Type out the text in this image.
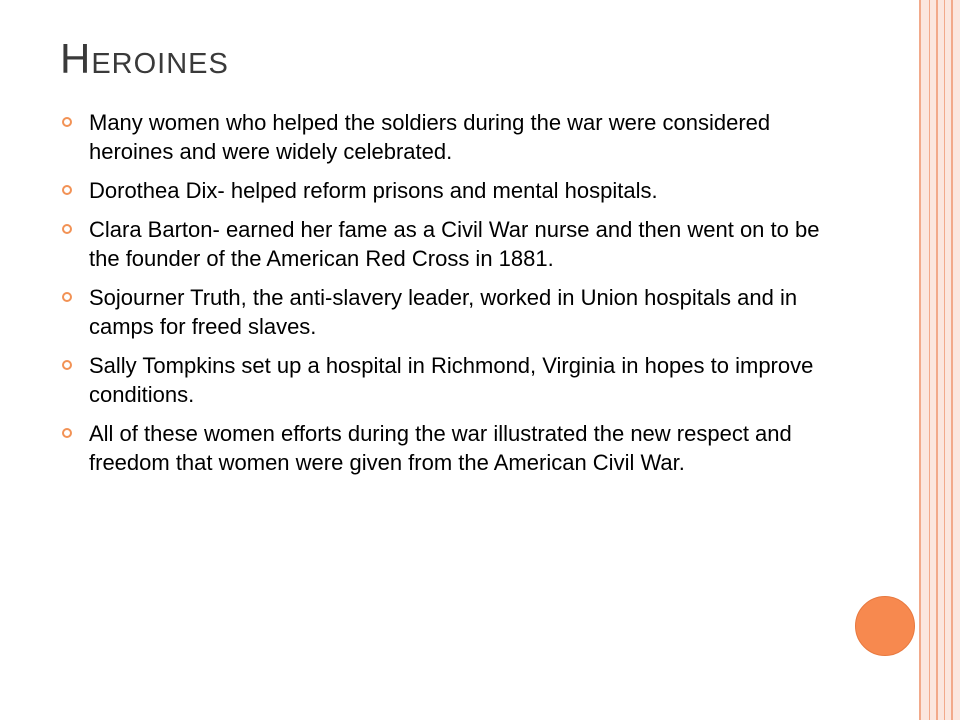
Heroines
Many women who helped the soldiers during the war were considered heroines and were widely celebrated.
Dorothea Dix- helped reform prisons and mental hospitals.
Clara Barton- earned her fame as a Civil War nurse and then went on to be the founder of the American Red Cross in 1881.
Sojourner Truth, the anti-slavery leader, worked in Union hospitals and in camps for freed slaves.
Sally Tompkins set up a hospital in Richmond, Virginia in hopes to improve conditions.
All of these women efforts during the war illustrated the new respect and freedom that women were given from the American Civil War.
